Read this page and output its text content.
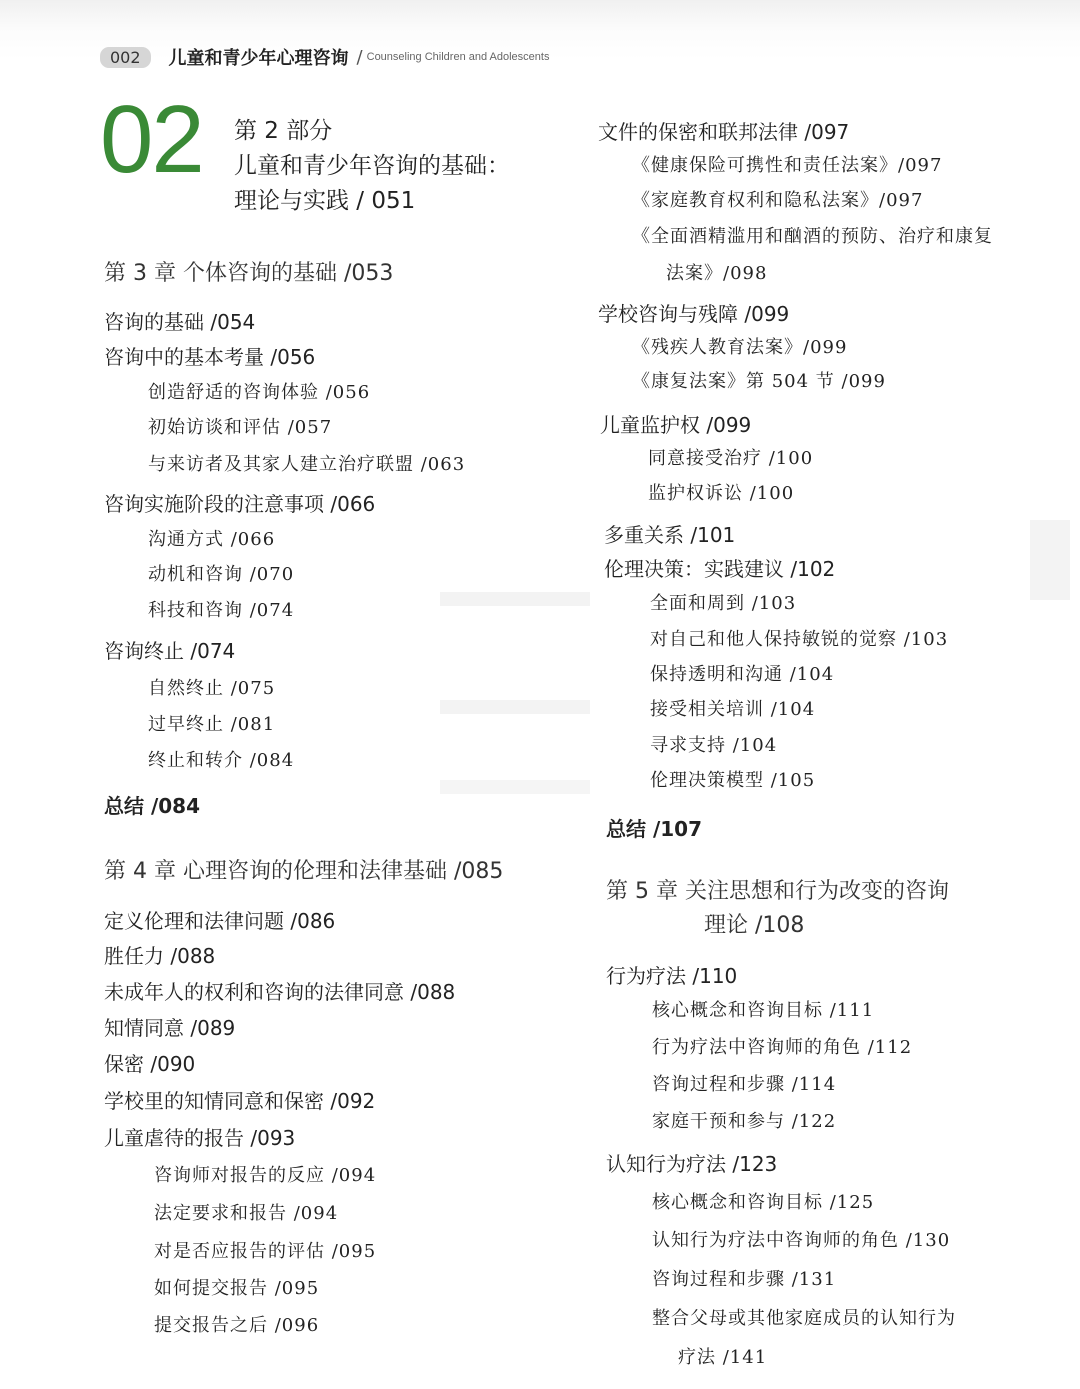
002	儿童和青少年心理咨询 / Counseling Children and Adolescents
02 第 2 部分
儿童和青少年咨询的基础：
理论与实践 / 051
第 3 章 个体咨询的基础 /053
咨询的基础 /054
咨询中的基本考量 /056
创造舒适的咨询体验 /056
初始访谈和评估 /057
与来访者及其家人建立治疗联盟 /063
咨询实施阶段的注意事项 /066
沟通方式 /066
动机和咨询 /070
科技和咨询 /074
咨询终止 /074
自然终止 /075
过早终止 /081
终止和转介 /084
总结 /084
第 4 章 心理咨询的伦理和法律基础 /085
定义伦理和法律问题 /086
胜任力 /088
未成年人的权利和咨询的法律同意 /088
知情同意 /089
保密 /090
学校里的知情同意和保密 /092
儿童虐待的报告 /093
咨询师对报告的反应 /094
法定要求和报告 /094
对是否应报告的评估 /095
如何提交报告 /095
提交报告之后 /096
文件的保密和联邦法律 /097
《健康保险可携性和责任法案》/097
《家庭教育权利和隐私法案》/097
《全面酒精滥用和酗酒的预防、治疗和康复
法案》/098
学校咨询与残障 /099
《残疾人教育法案》/099
《康复法案》第 504 节 /099
儿童监护权 /099
同意接受治疗 /100
监护权诉讼 /100
多重关系 /101
伦理决策：实践建议 /102
全面和周到 /103
对自己和他人保持敏锐的觉察 /103
保持透明和沟通 /104
接受相关培训 /104
寻求支持 /104
伦理决策模型 /105
总结 /107
第 5 章 关注思想和行为改变的咨询
理论 /108
行为疗法 /110
核心概念和咨询目标 /111
行为疗法中咨询师的角色 /112
咨询过程和步骤 /114
家庭干预和参与 /122
认知行为疗法 /123
核心概念和咨询目标 /125
认知行为疗法中咨询师的角色 /130
咨询过程和步骤 /131
整合父母或其他家庭成员的认知行为
疗法 /141
